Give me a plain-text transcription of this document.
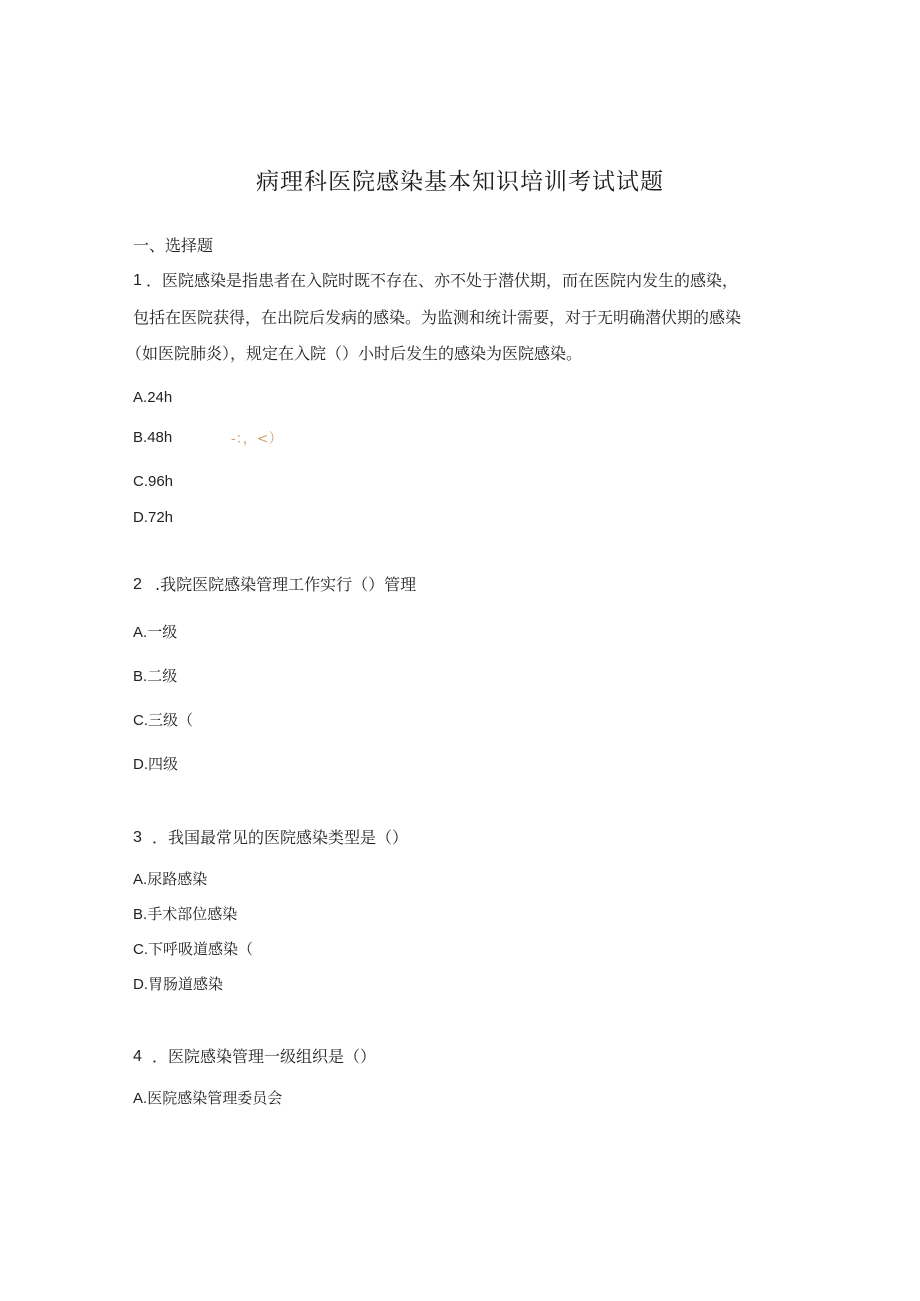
病理科医院感染基本知识培训考试试题
一、选择题
1 ．医院感染是指患者在入院时既不存在、亦不处于潜伏期，而在医院内发生的感染，
包括在医院获得，在出院后发病的感染。为监测和统计需要，对于无明确潜伏期的感染
（如医院肺炎），规定在入院（）小时后发生的感染为医院感染。
A.24h
B.48h	-：，<）
C.96h
D.72h
2 .我院医院感染管理工作实行（）管理
A.一级
B.二级
C.三级（
D.四级
3 ．我国最常见的医院感染类型是（）
A.尿路感染
B.手术部位感染
C.下呼吸道感染（
D.胃肠道感染
4 ．医院感染管理一级组织是（）
A.医院感染管理委员会
